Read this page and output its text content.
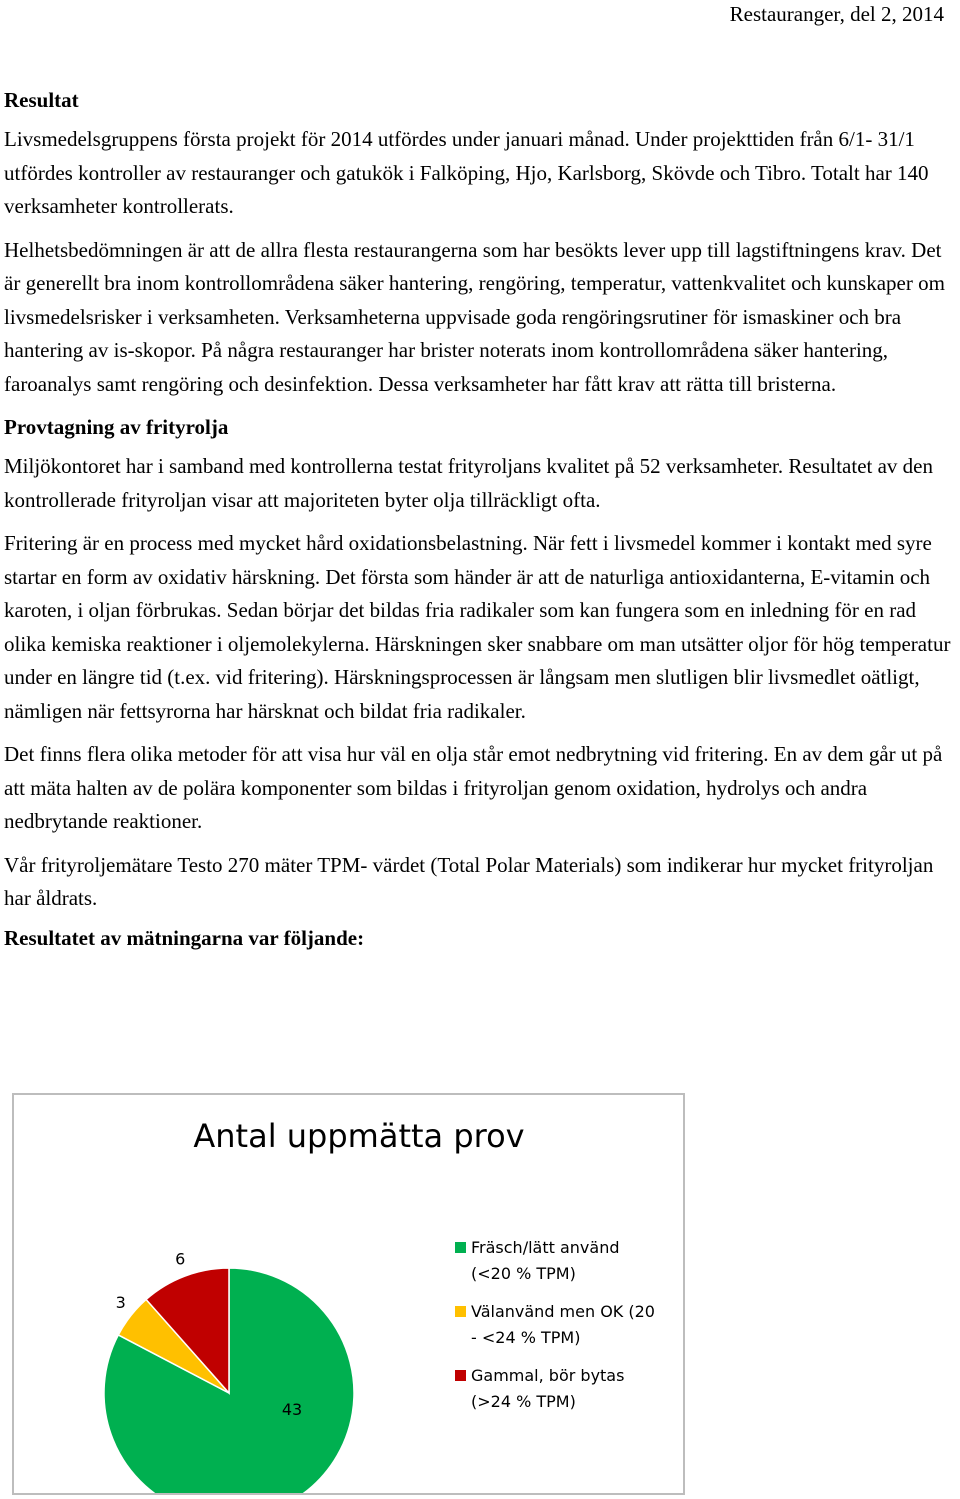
Restauranger, del 2, 2014
Resultat

Livsmedelsgruppens första projekt för 2014 utfördes under januari månad. Under projekttiden från 6/1- 31/1 utfördes kontroller av restauranger och gatukök i Falköping, Hjo, Karlsborg, Skövde och Tibro. Totalt har 140 verksamheter kontrollerats.

Helhetsbedömningen är att de allra flesta restaurangerna som har besökts lever upp till lagstiftningens krav. Det är generellt bra inom kontrollområdena säker hantering, rengöring, temperatur, vattenkvalitet och kunskaper om livsmedelsrisker i verksamheten. Verksamheterna uppvisade goda rengöringsrutiner för ismaskiner och bra hantering av is-skopor. På några restauranger har brister noterats inom kontrollområdena säker hantering, faroanalys samt rengöring och desinfektion. Dessa verksamheter har fått krav att rätta till bristerna.

Provtagning av frityrolja

Miljökontoret har i samband med kontrollerna testat frityroljans kvalitet på 52 verksamheter. Resultatet av den kontrollerade frityroljan visar att majoriteten byter olja tillräckligt ofta.

Fritering är en process med mycket hård oxidationsbelastning. När fett i livsmedel kommer i kontakt med syre startar en form av oxidativ härskning. Det första som händer är att de naturliga antioxidanterna, E-vitamin och karoten, i oljan förbrukas. Sedan börjar det bildas fria radikaler som kan fungera som en inledning för en rad olika kemiska reaktioner i oljemolekylerna. Härskningen sker snabbare om man utsätter oljor för hög temperatur under en längre tid (t.ex. vid fritering). Härskningsprocessen är långsam men slutligen blir livsmedlet oätligt, nämligen när fettsyrorna har härsknat och bildat fria radikaler.

Det finns flera olika metoder för att visa hur väl en olja står emot nedbrytning vid fritering. En av dem går ut på att mäta halten av de polära komponenter som bildas i frityroljan genom oxidation, hydrolys och andra nedbrytande reaktioner.

Vår frityroljemätare Testo 270 mäter TPM- värdet (Total Polar Materials) som indikerar hur mycket frityroljan har åldrats.

Resultatet av mätningarna var följande:
Antal uppmätta prov
43
3
6
Fräsch/lätt använd
(<20 % TPM)
Välanvänd men OK (20
- <24 % TPM)
Gammal, bör bytas
(>24 % TPM)
